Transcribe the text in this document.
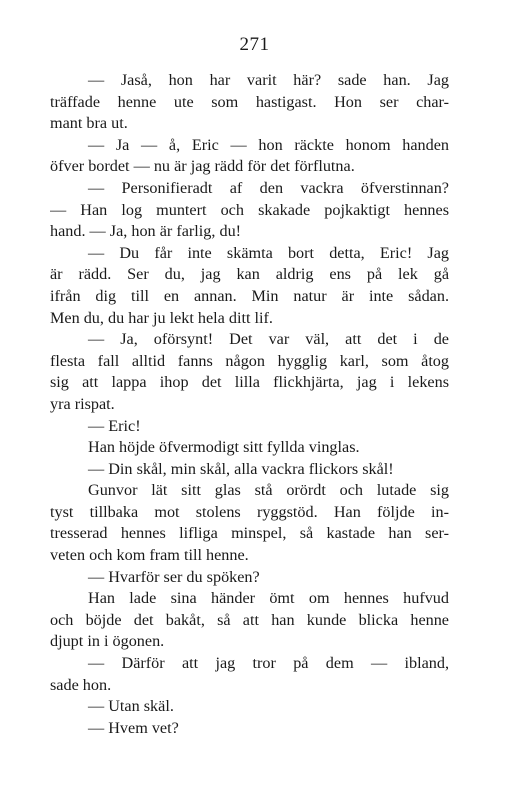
271
— Jaså, hon har varit här? sade han. Jag
träffade henne ute som hastigast. Hon ser char-
mant bra ut.
— Ja — å, Eric — hon räckte honom handen
öfver bordet — nu är jag rädd för det förflutna.
— Personifieradt af den vackra öfverstinnan?
— Han log muntert och skakade pojkaktigt hennes
hand. — Ja, hon är farlig, du!
— Du får inte skämta bort detta, Eric! Jag
är rädd. Ser du, jag kan aldrig ens på lek gå
ifrån dig till en annan. Min natur är inte sådan.
Men du, du har ju lekt hela ditt lif.
— Ja, oförsynt! Det var väl, att det i de
flesta fall alltid fanns någon hygglig karl, som åtog
sig att lappa ihop det lilla flickhjärta, jag i lekens
yra rispat.
— Eric!
Han höjde öfvermodigt sitt fyllda vinglas.
— Din skål, min skål, alla vackra flickors skål!
Gunvor lät sitt glas stå orördt och lutade sig
tyst tillbaka mot stolens ryggstöd. Han följde in-
tresserad hennes lifliga minspel, så kastade han ser-
veten och kom fram till henne.
— Hvarför ser du spöken?
Han lade sina händer ömt om hennes hufvud
och böjde det bakåt, så att han kunde blicka henne
djupt in i ögonen.
— Därför att jag tror på dem — ibland,
sade hon.
— Utan skäl.
— Hvem vet?
